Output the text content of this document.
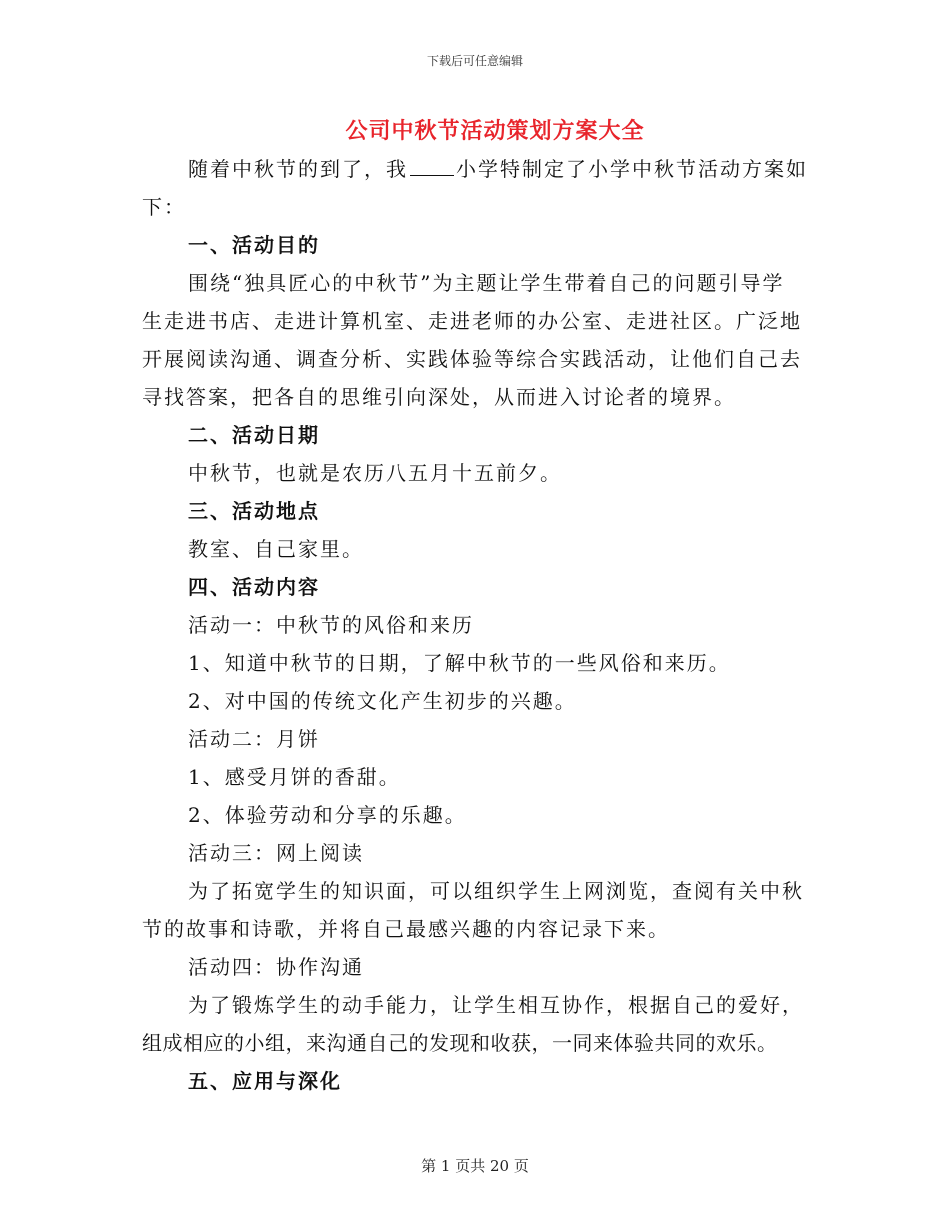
下载后可任意编辑
公司中秋节活动策划方案大全
随着中秋节的到了，我 小学特制定了小学中秋节活动方案如
下：
一、活动目的
围绕“独具匠心的中秋节”为主题让学生带着自己的问题引导学
生走进书店、走进计算机室、走进老师的办公室、走进社区。广泛地
开展阅读沟通、调查分析、实践体验等综合实践活动，让他们自己去
寻找答案，把各自的思维引向深处，从而进入讨论者的境界。
二、活动日期
中秋节，也就是农历八五月十五前夕。
三、活动地点
教室、自己家里。
四、活动内容
活动一：中秋节的风俗和来历
1、知道中秋节的日期，了解中秋节的一些风俗和来历。
2、对中国的传统文化产生初步的兴趣。
活动二：月饼
1、感受月饼的香甜。
2、体验劳动和分享的乐趣。
活动三：网上阅读
为了拓宽学生的知识面，可以组织学生上网浏览，查阅有关中秋
节的故事和诗歌，并将自己最感兴趣的内容记录下来。
活动四：协作沟通
为了锻炼学生的动手能力，让学生相互协作，根据自己的爱好，
组成相应的小组，来沟通自己的发现和收获，一同来体验共同的欢乐。
五、应用与深化
第 1 页共 20 页
